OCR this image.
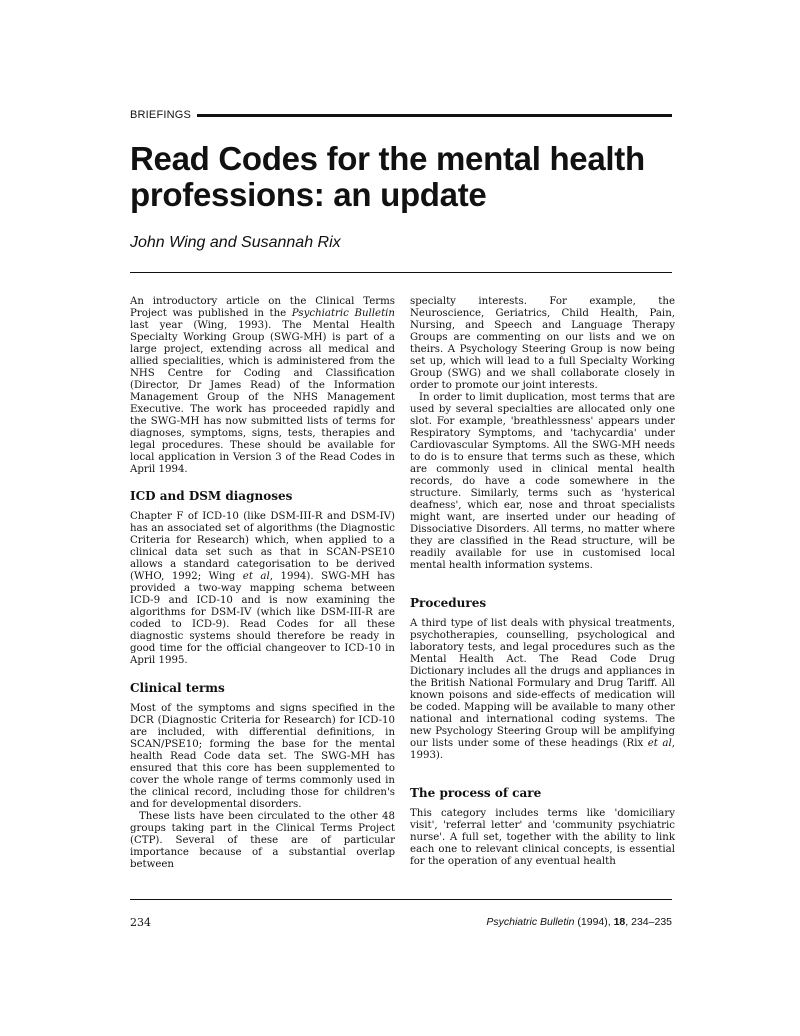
BRIEFINGS
Read Codes for the mental health professions: an update

John Wing and Susannah Rix

An introductory article on the Clinical Terms Project was published in the Psychiatric Bulletin last year (Wing, 1993). The Mental Health Specialty Working Group (SWG-MH) is part of a large project, extending across all medical and allied specialities, which is administered from the NHS Centre for Coding and Classification (Director, Dr James Read) of the Information Management Group of the NHS Management Executive. The work has proceeded rapidly and the SWG-MH has now submitted lists of terms for diagnoses, symptoms, signs, tests, therapies and legal procedures. These should be available for local application in Version 3 of the Read Codes in April 1994.

ICD and DSM diagnoses

Chapter F of ICD-10 (like DSM-III-R and DSM-IV) has an associated set of algorithms (the Diagnostic Criteria for Research) which, when applied to a clinical data set such as that in SCAN-PSE10 allows a standard categorisation to be derived (WHO, 1992; Wing et al, 1994). SWG-MH has provided a two-way mapping schema between ICD-9 and ICD-10 and is now examining the algorithms for DSM-IV (which like DSM-III-R are coded to ICD-9). Read Codes for all these diagnostic systems should therefore be ready in good time for the official changeover to ICD-10 in April 1995.

Clinical terms

Most of the symptoms and signs specified in the DCR (Diagnostic Criteria for Research) for ICD-10 are included, with differential definitions, in SCAN/PSE10; forming the base for the mental health Read Code data set. The SWG-MH has ensured that this core has been supplemented to cover the whole range of terms commonly used in the clinical record, including those for children's and for developmental disorders.

These lists have been circulated to the other 48 groups taking part in the Clinical Terms Project (CTP). Several of these are of particular importance because of a substantial overlap between

specialty interests. For example, the Neuroscience, Geriatrics, Child Health, Pain, Nursing, and Speech and Language Therapy Groups are commenting on our lists and we on theirs. A Psychology Steering Group is now being set up, which will lead to a full Specialty Working Group (SWG) and we shall collaborate closely in order to promote our joint interests.

In order to limit duplication, most terms that are used by several specialties are allocated only one slot. For example, 'breathlessness' appears under Respiratory Symptoms, and 'tachycardia' under Cardiovascular Symptoms. All the SWG-MH needs to do is to ensure that terms such as these, which are commonly used in clinical mental health records, do have a code somewhere in the structure. Similarly, terms such as 'hysterical deafness', which ear, nose and throat specialists might want, are inserted under our heading of Dissociative Disorders. All terms, no matter where they are classified in the Read structure, will be readily available for use in customised local mental health information systems.

Procedures

A third type of list deals with physical treatments, psychotherapies, counselling, psychological and laboratory tests, and legal procedures such as the Mental Health Act. The Read Code Drug Dictionary includes all the drugs and appliances in the British National Formulary and Drug Tariff. All known poisons and side-effects of medication will be coded. Mapping will be available to many other national and international coding systems. The new Psychology Steering Group will be amplifying our lists under some of these headings (Rix et al, 1993).

The process of care

This category includes terms like 'domiciliary visit', 'referral letter' and 'community psychiatric nurse'. A full set, together with the ability to link each one to relevant clinical concepts, is essential for the operation of any eventual health

234	Psychiatric Bulletin (1994), 18, 234–235
